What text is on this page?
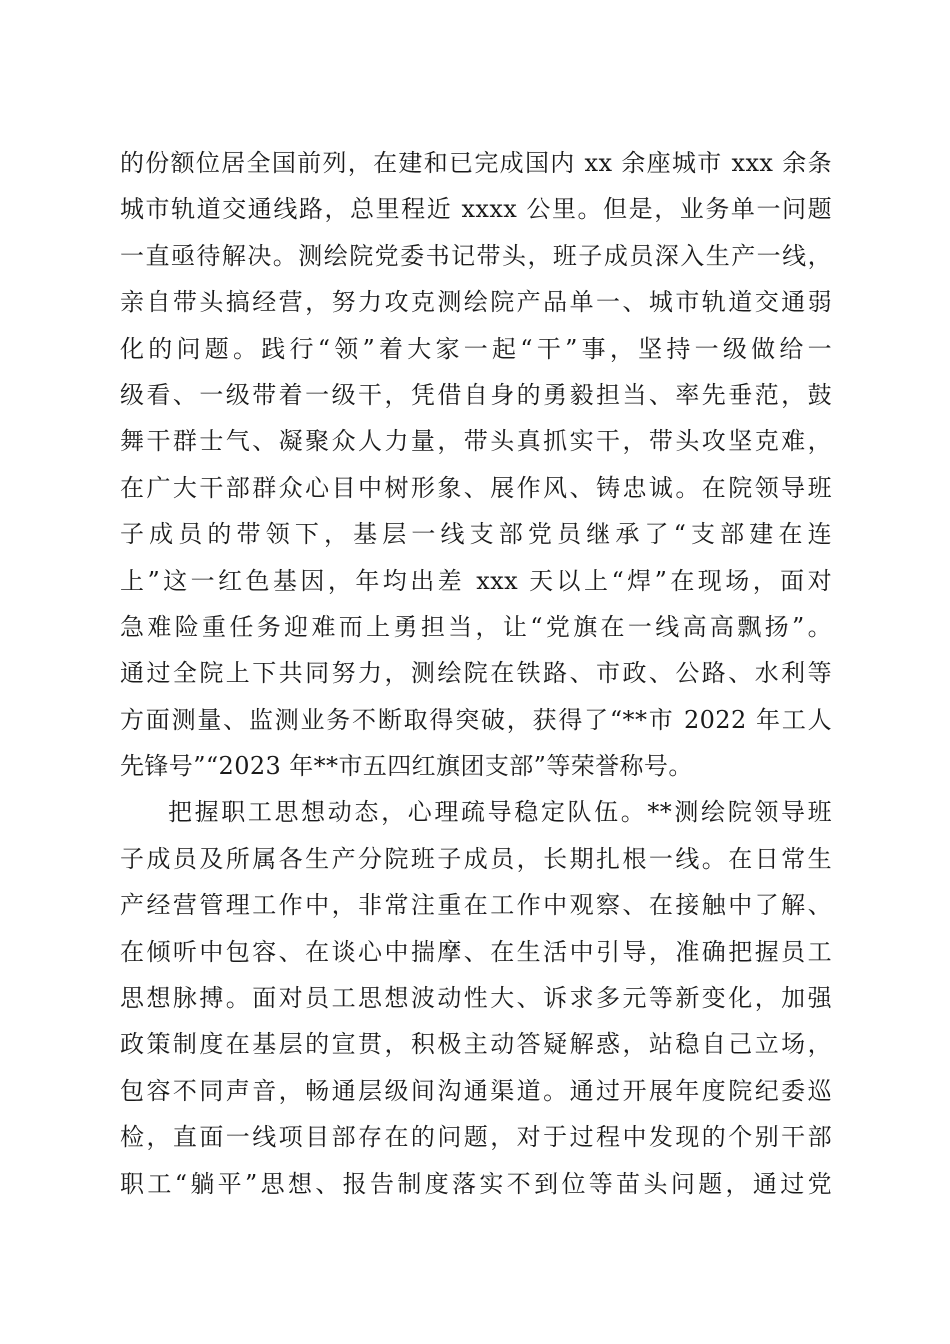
的份额位居全国前列，在建和已完成国内 xx 余座城市 xxx 余条
城市轨道交通线路，总里程近 xxxx 公里。但是，业务单一问题
一直亟待解决。测绘院党委书记带头，班子成员深入生产一线，
亲自带头搞经营，努力攻克测绘院产品单一、城市轨道交通弱
化的问题。践行“领”着大家一起“干”事，坚持一级做给一
级看、一级带着一级干，凭借自身的勇毅担当、率先垂范，鼓
舞干群士气、凝聚众人力量，带头真抓实干，带头攻坚克难，
在广大干部群众心目中树形象、展作风、铸忠诚。在院领导班
子成员的带领下，基层一线支部党员继承了“支部建在连
上”这一红色基因，年均出差 xxx 天以上“焊”在现场，面对
急难险重任务迎难而上勇担当，让“党旗在一线高高飘扬”。
通过全院上下共同努力，测绘院在铁路、市政、公路、水利等
方面测量、监测业务不断取得突破，获得了“**市 2022 年工人
先锋号”“2023 年**市五四红旗团支部”等荣誉称号。
把握职工思想动态，心理疏导稳定队伍。**测绘院领导班
子成员及所属各生产分院班子成员，长期扎根一线。在日常生
产经营管理工作中，非常注重在工作中观察、在接触中了解、
在倾听中包容、在谈心中揣摩、在生活中引导，准确把握员工
思想脉搏。面对员工思想波动性大、诉求多元等新变化，加强
政策制度在基层的宣贯，积极主动答疑解惑，站稳自己立场，
包容不同声音，畅通层级间沟通渠道。通过开展年度院纪委巡
检，直面一线项目部存在的问题，对于过程中发现的个别干部
职工“躺平”思想、报告制度落实不到位等苗头问题，通过党
